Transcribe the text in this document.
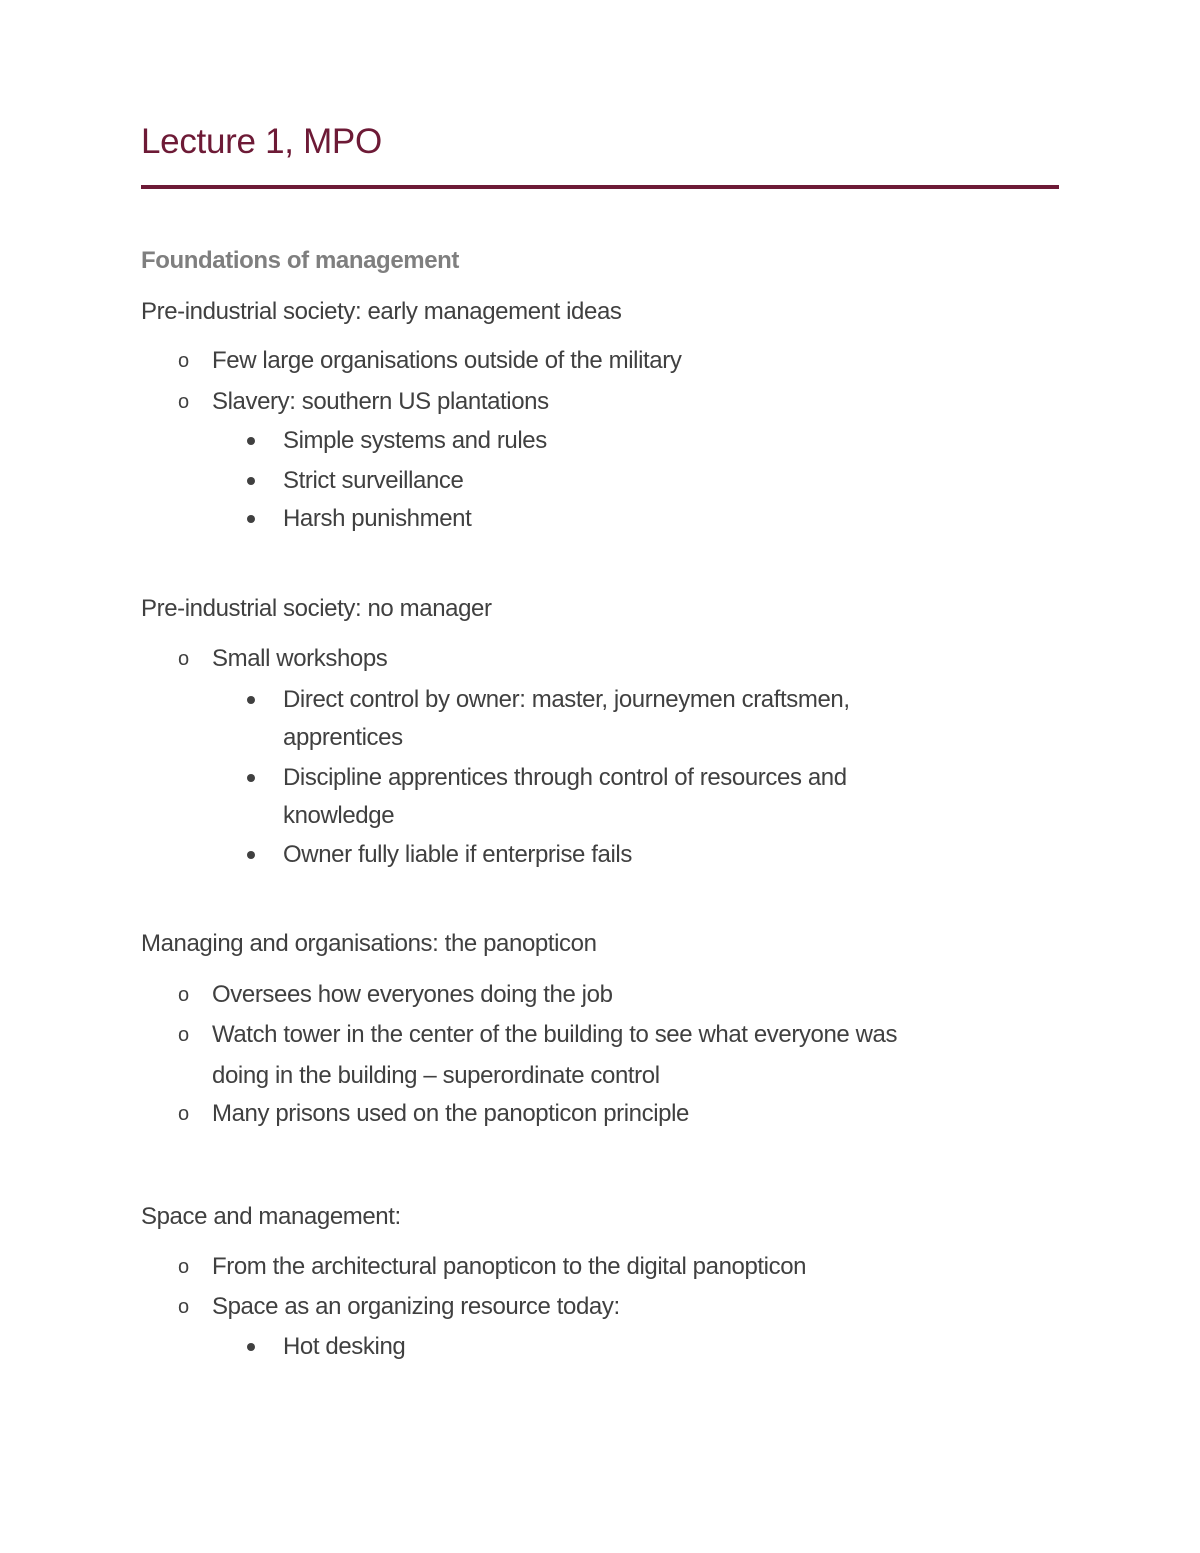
Lecture 1, MPO
Foundations of management
Pre-industrial society: early management ideas
o Few large organisations outside of the military
o Slavery: southern US plantations
Simple systems and rules
Strict surveillance
Harsh punishment
Pre-industrial society: no manager
o Small workshops
Direct control by owner: master, journeymen craftsmen,
apprentices
Discipline apprentices through control of resources and
knowledge
Owner fully liable if enterprise fails
Managing and organisations: the panopticon
o Oversees how everyones doing the job
o Watch tower in the center of the building to see what everyone was
doing in the building – superordinate control
o Many prisons used on the panopticon principle
Space and management:
o From the architectural panopticon to the digital panopticon
o Space as an organizing resource today:
Hot desking
